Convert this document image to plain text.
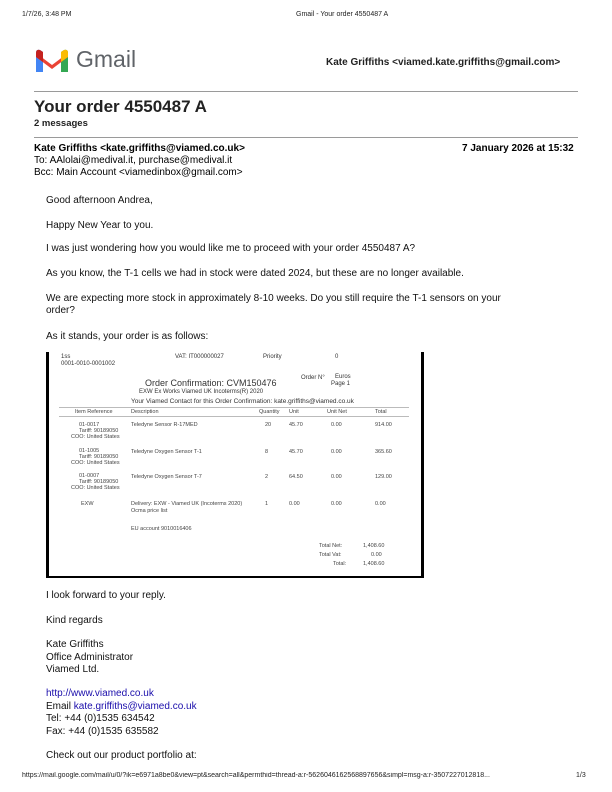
1/7/26, 3:48 PM	Gmail - Your order 4550487 A
Gmail	Kate Griffiths <viamed.kate.griffiths@gmail.com>
Your order 4550487 A
2 messages
Kate Griffiths <kate.griffiths@viamed.co.uk>	7 January 2026 at 15:32
To: AAlolai@medival.it, purchase@medival.it
Bcc: Main Account <viamedinbox@gmail.com>
Good afternoon Andrea,
Happy New Year to you.
I was just wondering how you would like me to proceed with your order 4550487 A?
As you know, the T-1 cells we had in stock were dated 2024, but these are no longer available.
We are expecting more stock in approximately 8-10 weeks. Do you still require the T-1 sensors on your
order?
As it stands, your order is as follows:
1ss
0001-0010-0001002
VAT: IT000000027	Priority	0
Order Confirmation: CVM150476	Order N° Euros
Page 1
EXW Ex Works Viamed UK Incoterms(R) 2020
Your Viamed Contact for this Order Confirmation: kate.griffiths@viamed.co.uk
Item Reference	Description	Quantity Unit	Unit Net	Total
01-0017
Tariff: 90189050
COO: United States
Teledyne Sensor R-17MED	20	45.70	0.00	914.00
01-1005
Tariff: 90189050
COO: United States
Teledyne Oxygen Sensor T-1	8	45.70	0.00	365.60
01-0007
Tariff: 90189050
COO: United States
Teledyne Oxygen Sensor T-7	2	64.50	0.00	129.00
EXW	Delivery: EXW - Viamed UK (Incoterms 2020)	1	0.00	0.00	0.00
Ocma price list
EU account 9010016406
Total Net:	1,408.60
Total Vat:	0.00
Total:	1,408.60
I look forward to your reply.
Kind regards
Kate Griffiths
Office Administrator
Viamed Ltd.
http://www.viamed.co.uk
Email kate.griffiths@viamed.co.uk
Tel: +44 (0)1535 634542
Fax: +44 (0)1535 635582
Check out our product portfolio at:
https://mail.google.com/mail/u/0/?ik=e6971a8be0&view=pt&search=all&permthid=thread-a:r-5626046162568897656&simpl=msg-a:r-3507227012818...	1/3
